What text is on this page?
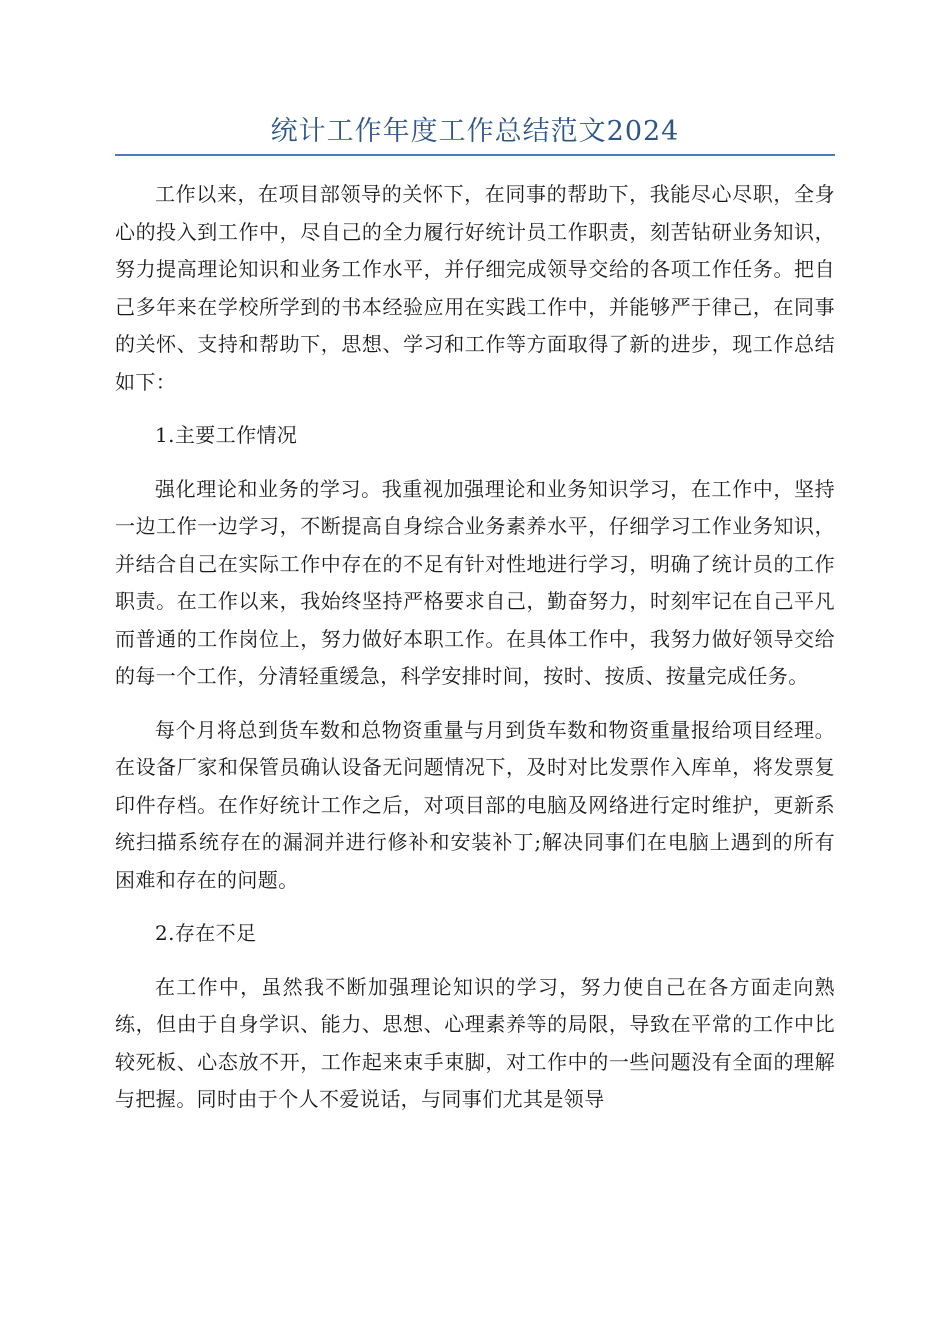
统计工作年度工作总结范文2024

工作以来，在项目部领导的关怀下，在同事的帮助下，我能尽心尽职，全身心的投入到工作中，尽自己的全力履行好统计员工作职责，刻苦钻研业务知识，努力提高理论知识和业务工作水平，并仔细完成领导交给的各项工作任务。把自己多年来在学校所学到的书本经验应用在实践工作中，并能够严于律己，在同事的关怀、支持和帮助下，思想、学习和工作等方面取得了新的进步，现工作总结如下：

1.主要工作情况

强化理论和业务的学习。我重视加强理论和业务知识学习，在工作中，坚持一边工作一边学习，不断提高自身综合业务素养水平，仔细学习工作业务知识，并结合自己在实际工作中存在的不足有针对性地进行学习，明确了统计员的工作职责。在工作以来，我始终坚持严格要求自己，勤奋努力，时刻牢记在自己平凡而普通的工作岗位上，努力做好本职工作。在具体工作中，我努力做好领导交给的每一个工作，分清轻重缓急，科学安排时间，按时、按质、按量完成任务。

每个月将总到货车数和总物资重量与月到货车数和物资重量报给项目经理。在设备厂家和保管员确认设备无问题情况下，及时对比发票作入库单，将发票复印件存档。在作好统计工作之后，对项目部的电脑及网络进行定时维护，更新系统扫描系统存在的漏洞并进行修补和安装补丁;解决同事们在电脑上遇到的所有困难和存在的问题。

2.存在不足

在工作中，虽然我不断加强理论知识的学习，努力使自己在各方面走向熟练，但由于自身学识、能力、思想、心理素养等的局限，导致在平常的工作中比较死板、心态放不开，工作起来束手束脚，对工作中的一些问题没有全面的理解与把握。同时由于个人不爱说话，与同事们尤其是领导
